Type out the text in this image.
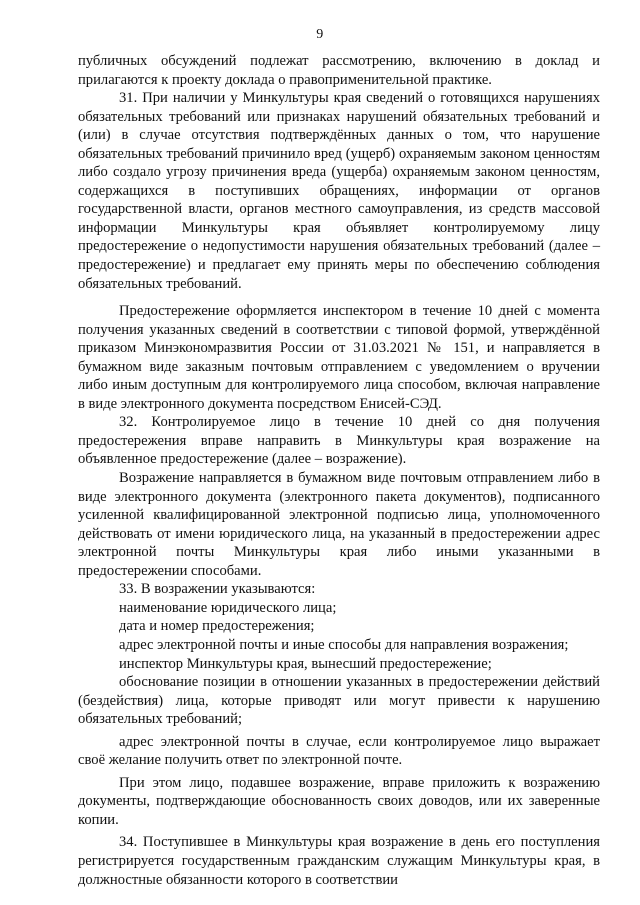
9

публичных обсуждений подлежат рассмотрению, включению в доклад и прилагаются к проекту доклада о правоприменительной практике.

31. При наличии у Минкультуры края сведений о готовящихся нарушениях обязательных требований или признаках нарушений обязательных требований и (или) в случае отсутствия подтверждённых данных о том, что нарушение обязательных требований причинило вред (ущерб) охраняемым законом ценностям либо создало угрозу причинения вреда (ущерба) охраняемым законом ценностям, содержащихся в поступивших обращениях, информации от органов государственной власти, органов местного самоуправления, из средств массовой информации Минкультуры края объявляет контролируемому лицу предостережение о недопустимости нарушения обязательных требований (далее – предостережение) и предлагает ему принять меры по обеспечению соблюдения обязательных требований.

Предостережение оформляется инспектором в течение 10 дней с момента получения указанных сведений в соответствии с типовой формой, утверждённой приказом Минэкономразвития России от 31.03.2021 № 151, и направляется в бумажном виде заказным почтовым отправлением с уведомлением о вручении либо иным доступным для контролируемого лица способом, включая направление в виде электронного документа посредством Енисей-СЭД.

32. Контролируемое лицо в течение 10 дней со дня получения предостережения вправе направить в Минкультуры края возражение на объявленное предостережение (далее – возражение).

Возражение направляется в бумажном виде почтовым отправлением либо в виде электронного документа (электронного пакета документов), подписанного усиленной квалифицированной электронной подписью лица, уполномоченного действовать от имени юридического лица, на указанный в предостережении адрес электронной почты Минкультуры края либо иными указанными в предостережении способами.

33. В возражении указываются:

наименование юридического лица;

дата и номер предостережения;

адрес электронной почты и иные способы для направления возражения;

инспектор Минкультуры края, вынесший предостережение;

обоснование позиции в отношении указанных в предостережении действий (бездействия) лица, которые приводят или могут привести к нарушению обязательных требований;

адрес электронной почты в случае, если контролируемое лицо выражает своё желание получить ответ по электронной почте.

При этом лицо, подавшее возражение, вправе приложить к возражению документы, подтверждающие обоснованность своих доводов, или их заверенные копии.

34. Поступившее в Минкультуры края возражение в день его поступления регистрируется государственным гражданским служащим Минкультуры края, в должностные обязанности которого в соответствии
